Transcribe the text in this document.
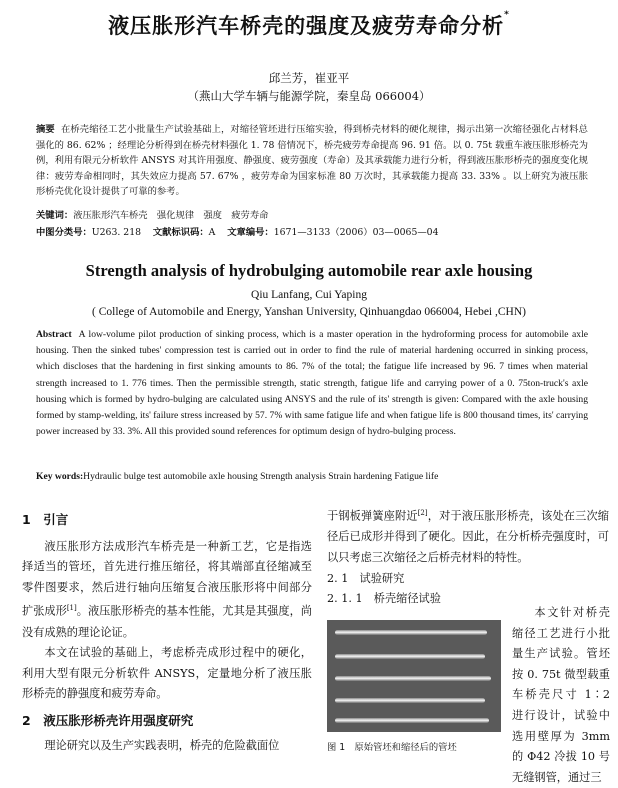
液压胀形汽车桥壳的强度及疲劳寿命分析*
邱兰芳，崔亚平
（燕山大学车辆与能源学院，秦皇岛 066004）
摘要 在桥壳缩径工艺小批量生产试验基础上，对缩径管坯进行压缩实验，得到桥壳材料的硬化规律，揭示出第一次缩径强化占材料总强化的 86. 62% ；经理论分析得到在桥壳材料强化 1. 78 倍情况下，桥壳疲劳寿命提高 96. 91 倍。以 0. 75t 载重车液压胀形桥壳为例，利用有限元分析软件 ANSYS 对其许用强度、静强度、疲劳强度（寿命）及其承载能力进行分析，得到液压胀形桥壳的强度变化规律：疲劳寿命相同时，其失效应力提高 57. 67% ，疲劳寿命为国家标准 80 万次时，其承载能力提高 33. 33% 。以上研究为液压胀形桥壳优化设计提供了可靠的参考。
关键词：液压胀形汽车桥壳　强化规律　强度　疲劳寿命
中图分类号：U263. 218 文献标识码：A 文章编号：1671—3133（2006）03—0065—04
Strength analysis of hydrobulging automobile rear axle housing
Qiu Lanfang, Cui Yaping
( College of Automobile and Energy, Yanshan University, Qinhuangdao 066004, Hebei ,CHN)
Abstract A low-volume pilot production of sinking process, which is a master operation in the hydroforming process for automobile axle housing. Then the sinked tubes' compression test is carried out in order to find the rule of material hardening occurred in sinking process, which discloses that the hardening in first sinking amounts to 86. 7% of the total; the fatigue life increased by 96. 7 times when material strength increased to 1. 776 times. Then the permissible strength, static strength, fatigue life and carrying power of a 0. 75ton-truck's axle housing which is formed by hydro-bulging are calculated using ANSYS and the rule of its' strength is given: Compared with the axle housing formed by stamp-welding, its' failure stress increased by 57. 7% with same fatigue life and when fatigue life is 800 thousand times, its' carrying power increased by 33. 3%. All this provided sound references for optimum design of hydro-bulging process.
Key words:Hydraulic bulge test automobile axle housing Strength analysis Strain hardening Fatigue life
1　引言

液压胀形方法成形汽车桥壳是一种新工艺，它是指选择适当的管坯，首先进行推压缩径，将其端部直径缩减至零件图要求，然后进行轴向压缩复合液压胀形将中间部分扩张成形[1]。液压胀形桥壳的基本性能，尤其是其强度，尚没有成熟的理论论证。

本文在试验的基础上，考虑桥壳成形过程中的硬化，利用大型有限元分析软件 ANSYS，定量地分析了液压胀形桥壳的静强度和疲劳寿命。

2　液压胀形桥壳许用强度研究

理论研究以及生产实践表明，桥壳的危险截面位

于钢板弹簧座附近[2]，对于液压胀形桥壳，该处在三次缩径后已成形并得到了硬化。因此，在分析桥壳强度时，可以只考虑三次缩径之后桥壳材料的特性。

2. 1　试验研究
2. 1. 1　桥壳缩径试验
图 1　原始管坯和缩径后的管坯

本文针对桥壳缩径工艺进行小批量生产试验。管坯按 0. 75t 微型载重车桥壳尺寸 1∶2 进行设计，试验中选用壁厚为 3mm 的 Φ42 冷拔 10 号无缝钢管，通过三
